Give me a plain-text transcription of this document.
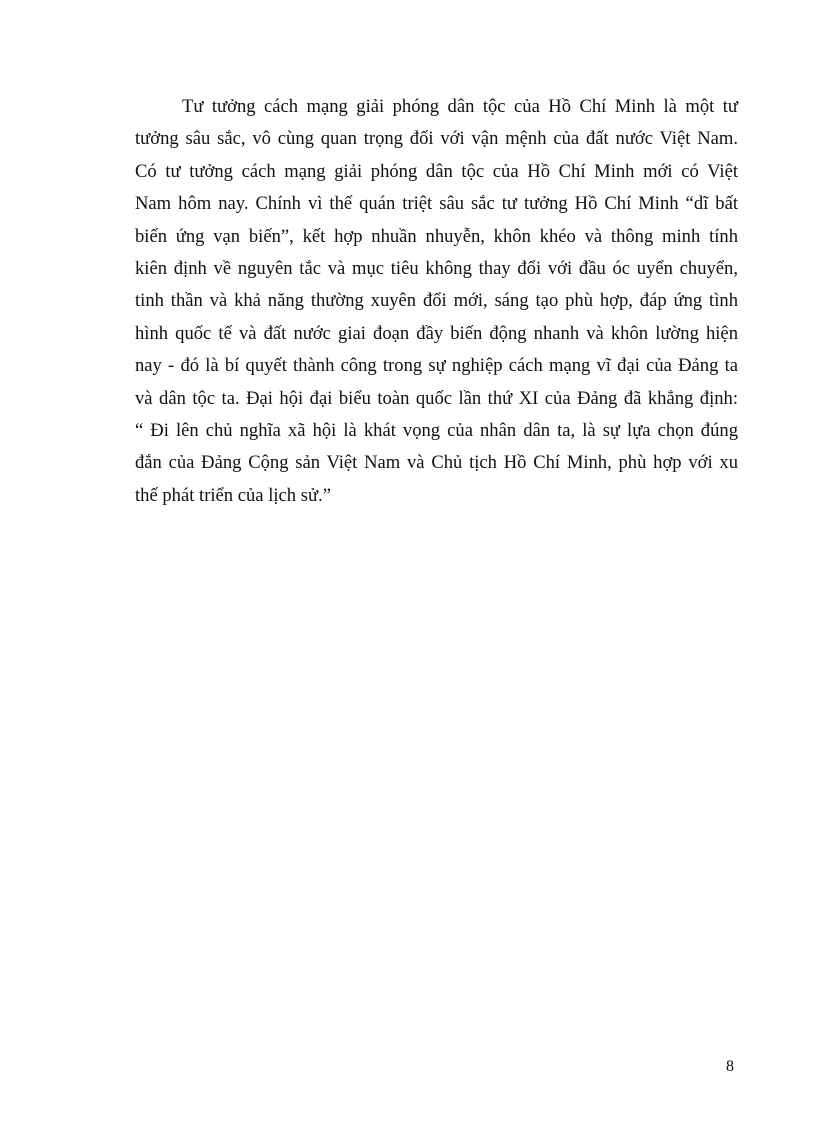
Tư tưởng cách mạng giải phóng dân tộc của Hồ Chí Minh là một tư
tưởng sâu sắc, vô cùng quan trọng đối với vận mệnh của đất nước Việt Nam.
Có tư tưởng cách mạng giải phóng dân tộc của Hồ Chí Minh mới có Việt
Nam hôm nay. Chính vì thế quán triệt sâu sắc tư tưởng Hồ Chí Minh “dĩ bất
biến ứng vạn biến”, kết hợp nhuần nhuyễn, khôn khéo và thông minh tính
kiên định về nguyên tắc và mục tiêu không thay đổi với đầu óc uyển chuyển,
tinh thần và khả năng thường xuyên đổi mới, sáng tạo phù hợp, đáp ứng tình
hình quốc tế và đất nước giai đoạn đầy biến động nhanh và khôn lường hiện
nay - đó là bí quyết thành công trong sự nghiệp cách mạng vĩ đại của Đảng ta
và dân tộc ta. Đại hội đại biểu toàn quốc lần thứ XI của Đảng đã khẳng định:
“ Đi lên chủ nghĩa xã hội là khát vọng của nhân dân ta, là sự lựa chọn đúng
đắn của Đảng Cộng sản Việt Nam và Chủ tịch Hồ Chí Minh, phù hợp với xu
thế phát triển của lịch sử.”

8
